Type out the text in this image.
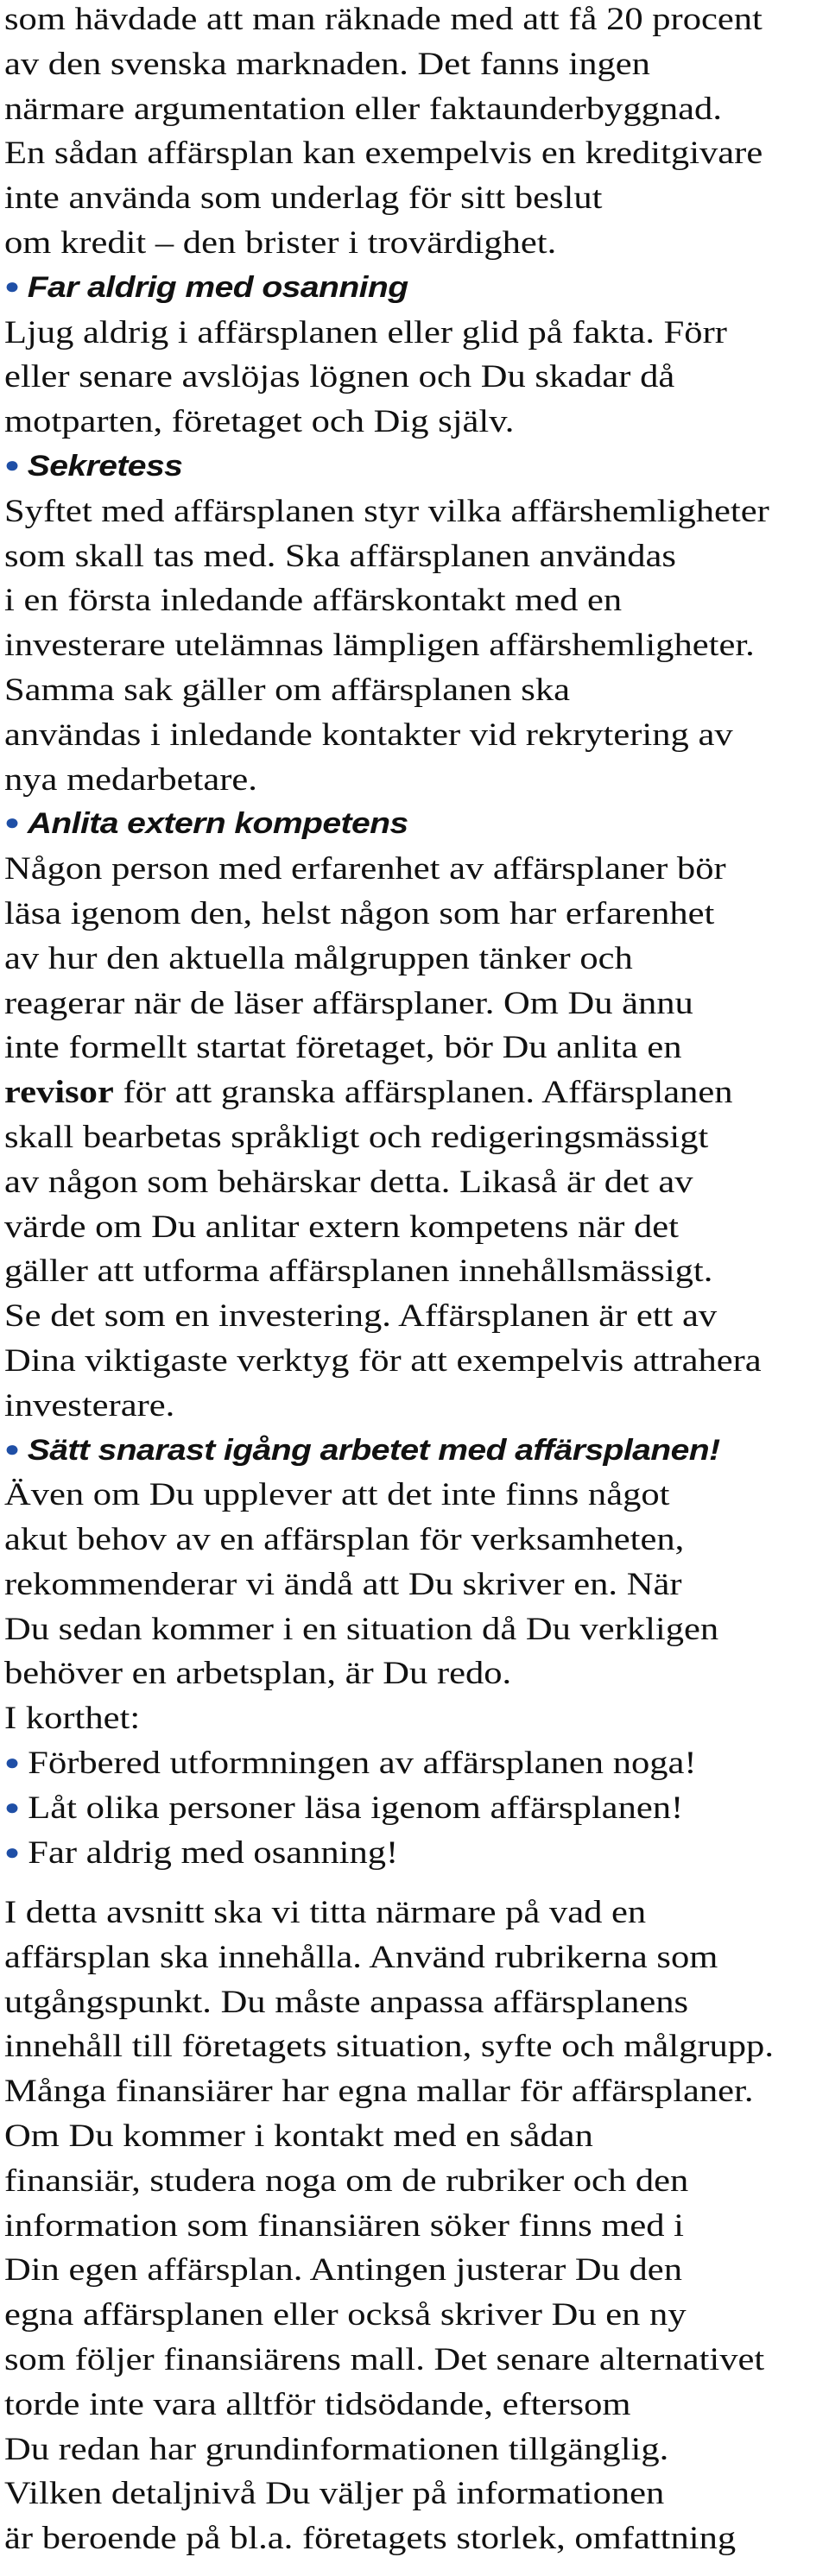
som hävdade att man räknade med att få 20 procent
av den svenska marknaden. Det fanns ingen
närmare argumentation eller faktaunderbyggnad.
En sådan affärsplan kan exempelvis en kreditgivare
inte använda som underlag för sitt beslut
om kredit – den brister i trovärdighet.
● Far aldrig med osanning
Ljug aldrig i affärsplanen eller glid på fakta. Förr
eller senare avslöjas lögnen och Du skadar då
motparten, företaget och Dig själv.
● Sekretess
Syftet med affärsplanen styr vilka affärshemligheter
som skall tas med. Ska affärsplanen användas
i en första inledande affärskontakt med en
investerare utelämnas lämpligen affärshemligheter.
Samma sak gäller om affärsplanen ska
användas i inledande kontakter vid rekrytering av
nya medarbetare.
● Anlita extern kompetens
Någon person med erfarenhet av affärsplaner bör
läsa igenom den, helst någon som har erfarenhet
av hur den aktuella målgruppen tänker och
reagerar när de läser affärsplaner. Om Du ännu
inte formellt startat företaget, bör Du anlita en
revisor för att granska affärsplanen. Affärsplanen
skall bearbetas språkligt och redigeringsmässigt
av någon som behärskar detta. Likaså är det av
värde om Du anlitar extern kompetens när det
gäller att utforma affärsplanen innehållsmässigt.
Se det som en investering. Affärsplanen är ett av
Dina viktigaste verktyg för att exempelvis attrahera
investerare.
● Sätt snarast igång arbetet med affärsplanen!
Även om Du upplever att det inte finns något
akut behov av en affärsplan för verksamheten,
rekommenderar vi ändå att Du skriver en. När
Du sedan kommer i en situation då Du verkligen
behöver en arbetsplan, är Du redo.
I korthet:
● Förbered utformningen av affärsplanen noga!
● Låt olika personer läsa igenom affärsplanen!
● Far aldrig med osanning!
I detta avsnitt ska vi titta närmare på vad en
affärsplan ska innehålla. Använd rubrikerna som
utgångspunkt. Du måste anpassa affärsplanens
innehåll till företagets situation, syfte och målgrupp.
Många finansiärer har egna mallar för affärsplaner.
Om Du kommer i kontakt med en sådan
finansiär, studera noga om de rubriker och den
information som finansiären söker finns med i
Din egen affärsplan. Antingen justerar Du den
egna affärsplanen eller också skriver Du en ny
som följer finansiärens mall. Det senare alternativet
torde inte vara alltför tidsödande, eftersom
Du redan har grundinformationen tillgänglig.
Vilken detaljnivå Du väljer på informationen
är beroende på bl.a. företagets storlek, omfattning
